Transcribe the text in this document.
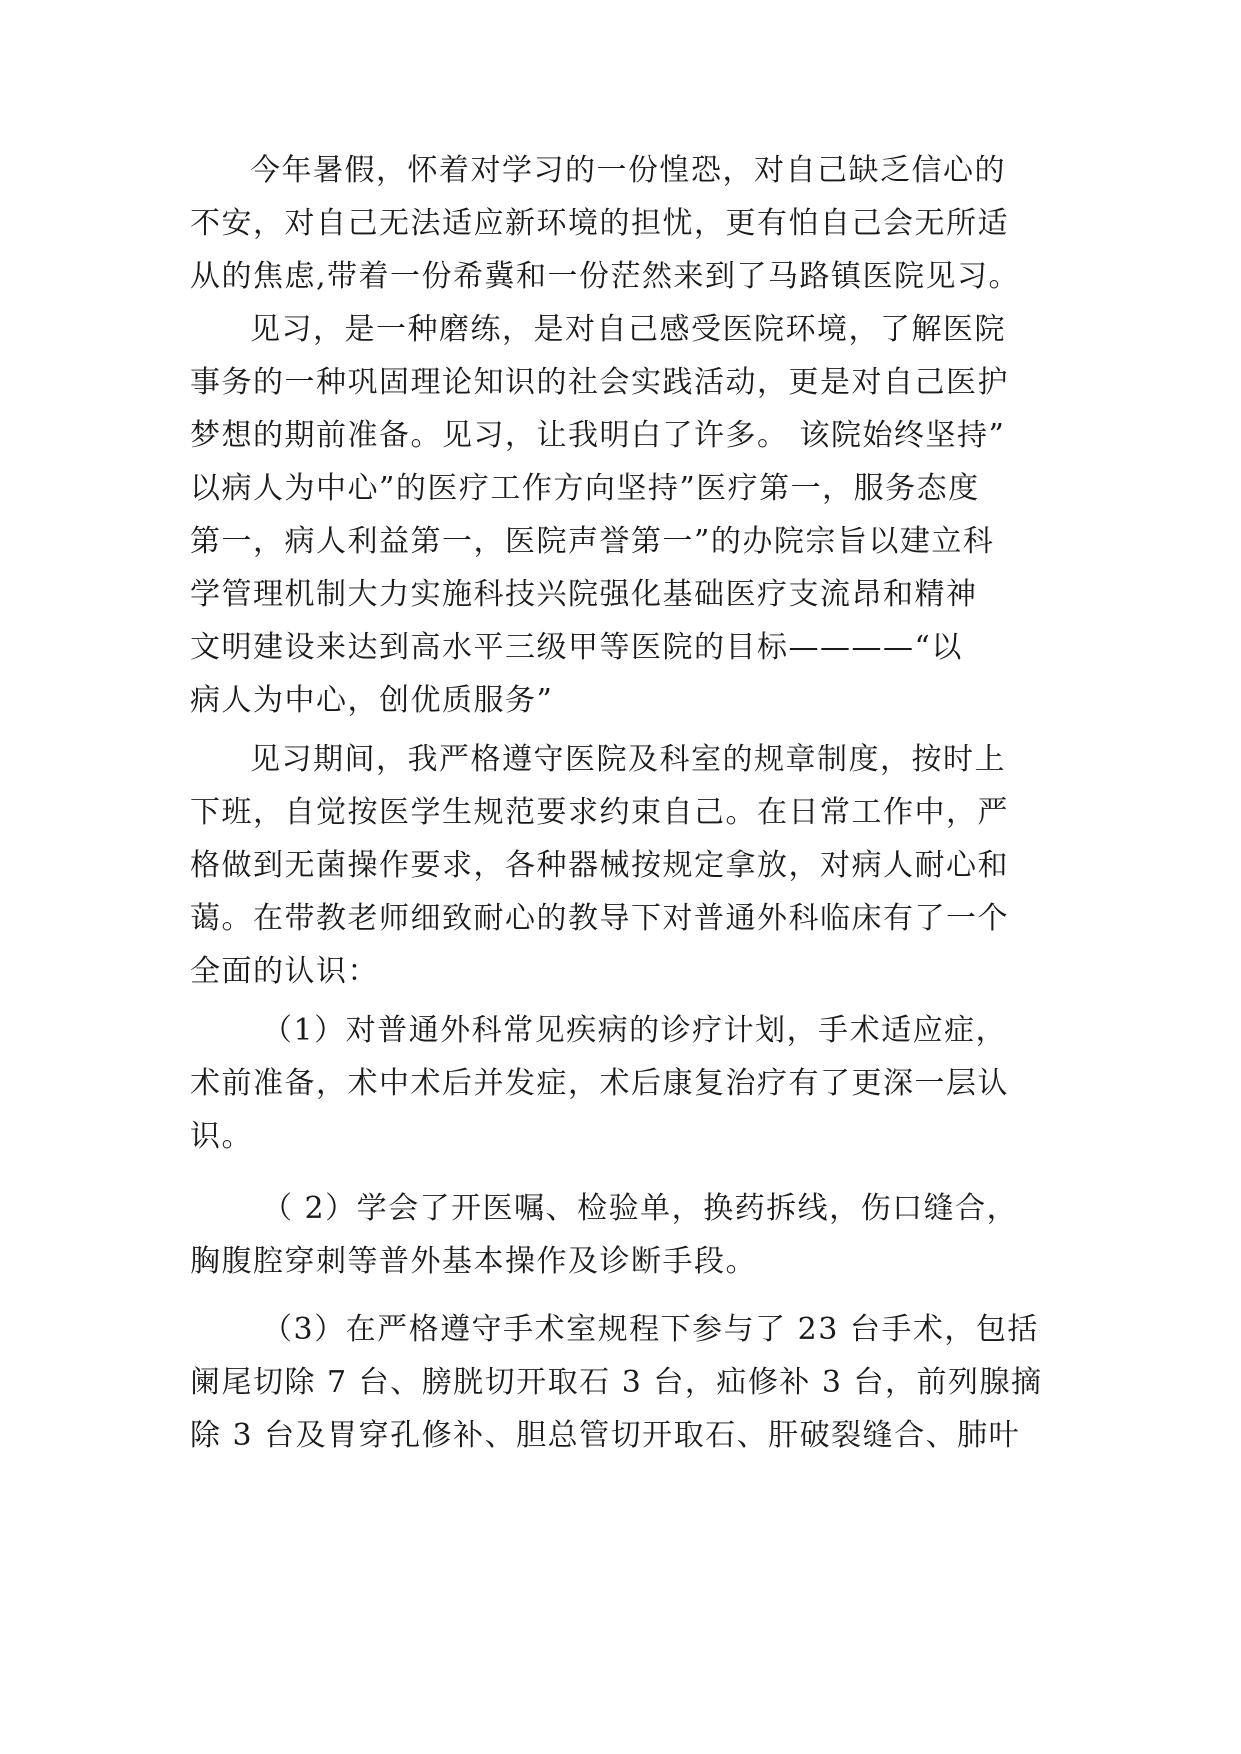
今年暑假，怀着对学习的一份惶恐，对自己缺乏信心的
不安，对自己无法适应新环境的担忧，更有怕自己会无所适
从的焦虑,带着一份希冀和一份茫然来到了马路镇医院见习。
见习，是一种磨练，是对自己感受医院环境，了解医院
事务的一种巩固理论知识的社会实践活动，更是对自己医护
梦想的期前准备。见习，让我明白了许多。 该院始终坚持”
以病人为中心”的医疗工作方向坚持”医疗第一，服务态度
第一，病人利益第一，医院声誉第一”的办院宗旨以建立科
学管理机制大力实施科技兴院强化基础医疗支流昂和精神
文明建设来达到高水平三级甲等医院的目标————“以
病人为中心，创优质服务”
见习期间，我严格遵守医院及科室的规章制度，按时上
下班，自觉按医学生规范要求约束自己。在日常工作中，严
格做到无菌操作要求，各种器械按规定拿放，对病人耐心和
蔼。在带教老师细致耐心的教导下对普通外科临床有了一个
全面的认识：
（1）对普通外科常见疾病的诊疗计划，手术适应症，
术前准备，术中术后并发症，术后康复治疗有了更深一层认
识。
（ 2）学会了开医嘱、检验单，换药拆线，伤口缝合，
胸腹腔穿刺等普外基本操作及诊断手段。
（3）在严格遵守手术室规程下参与了 23 台手术，包括
阑尾切除 7 台、膀胱切开取石 3 台，疝修补 3 台，前列腺摘
除 3 台及胃穿孔修补、胆总管切开取石、肝破裂缝合、肺叶
